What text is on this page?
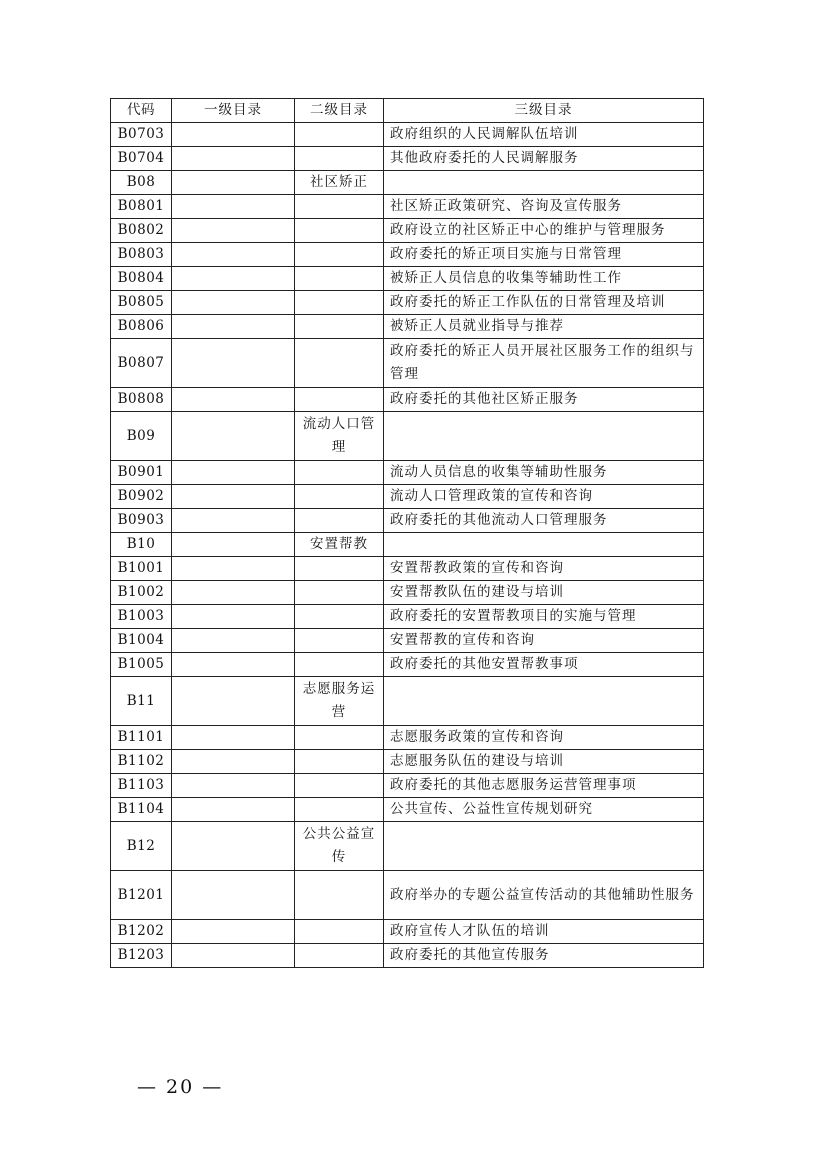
代码	一级目录	二级目录	三级目录
B0703			政府组织的人民调解队伍培训
B0704			其他政府委托的人民调解服务
B08		社区矫正	
B0801			社区矫正政策研究、咨询及宣传服务
B0802			政府设立的社区矫正中心的维护与管理服务
B0803			政府委托的矫正项目实施与日常管理
B0804			被矫正人员信息的收集等辅助性工作
B0805			政府委托的矫正工作队伍的日常管理及培训
B0806			被矫正人员就业指导与推荐
B0807			政府委托的矫正人员开展社区服务工作的组织与管理
B0808			政府委托的其他社区矫正服务
B09		流动人口管理	
B0901			流动人员信息的收集等辅助性服务
B0902			流动人口管理政策的宣传和咨询
B0903			政府委托的其他流动人口管理服务
B10		安置帮教	
B1001			安置帮教政策的宣传和咨询
B1002			安置帮教队伍的建设与培训
B1003			政府委托的安置帮教项目的实施与管理
B1004			安置帮教的宣传和咨询
B1005			政府委托的其他安置帮教事项
B11		志愿服务运营	
B1101			志愿服务政策的宣传和咨询
B1102			志愿服务队伍的建设与培训
B1103			政府委托的其他志愿服务运营管理事项
B1104			公共宣传、公益性宣传规划研究
B12		公共公益宣传	
B1201			政府举办的专题公益宣传活动的其他辅助性服务
B1202			政府宣传人才队伍的培训
B1203			政府委托的其他宣传服务
— 20 —
